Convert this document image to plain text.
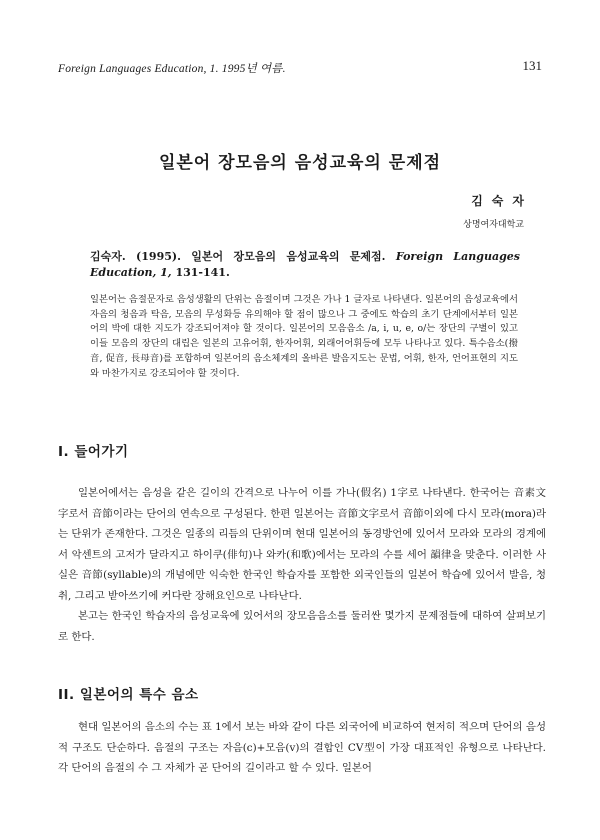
Foreign Languages Education, 1. 1995년 여름.	131
일본어 장모음의 음성교육의 문제점
김숙자
상명여자대학교
김숙자. (1995). 일본어 장모음의 음성교육의 문제점. Foreign Languages
Education, 1, 131-141.
일본어는 음절문자로 음성생활의 단위는 음절이며 그것은 가나 1 글자로 나타낸다. 일본어의 음성교육에서 자음의 청음과 탁음, 모음의 무성화등 유의해야 할 점이 많으나 그 중에도 학습의 초기 단계에서부터 일본어의 박에 대한 지도가 강조되어져야 할 것이다. 일본어의 모음음소 /a, i, u, e, o/는 장단의 구별이 있고 이들 모음의 장단의 대립은 일본의 고유어휘, 한자어휘, 외래어어휘등에 모두 나타나고 있다. 특수음소(撥音, 促音, 長母音)를 포함하여 일본어의 음소체계의 올바른 발음지도는 문법, 어휘, 한자, 언어표현의 지도와 마찬가지로 강조되어야 할 것이다.
I. 들어가기

일본어에서는 음성을 같은 길이의 간격으로 나누어 이를 가나(假名) 1字로 나타낸다. 한국어는 音素文字로서 音節이라는 단어의 연속으로 구성된다. 한편 일본어는 音節文字로서 音節이외에 다시 모라(mora)라는 단위가 존재한다. 그것은 일종의 리듬의 단위이며 현대 일본어의 동경방언에 있어서 모라와 모라의 경계에서 악센트의 고저가 달라지고 하이쿠(俳句)나 와카(和歌)에서는 모라의 수를 세어 韻律을 맞춘다. 이러한 사실은 音節(syllable)의 개념에만 익숙한 한국인 학습자를 포함한 외국인들의 일본어 학습에 있어서 발음, 청취, 그리고 받아쓰기에 커다란 장해요인으로 나타난다.

본고는 한국인 학습자의 음성교육에 있어서의 장모음음소를 둘러싼 몇가지 문제점들에 대하여 살펴보기로 한다.

II. 일본어의 특수 음소

현대 일본어의 음소의 수는 표 1에서 보는 바와 같이 다른 외국어에 비교하여 현저히 적으며 단어의 음성적 구조도 단순하다. 음절의 구조는 자음(c)+모음(v)의 결합인 CV型이 가장 대표적인 유형으로 나타난다. 각 단어의 음절의 수 그 자체가 곧 단어의 길이라고 할 수 있다. 일본어
